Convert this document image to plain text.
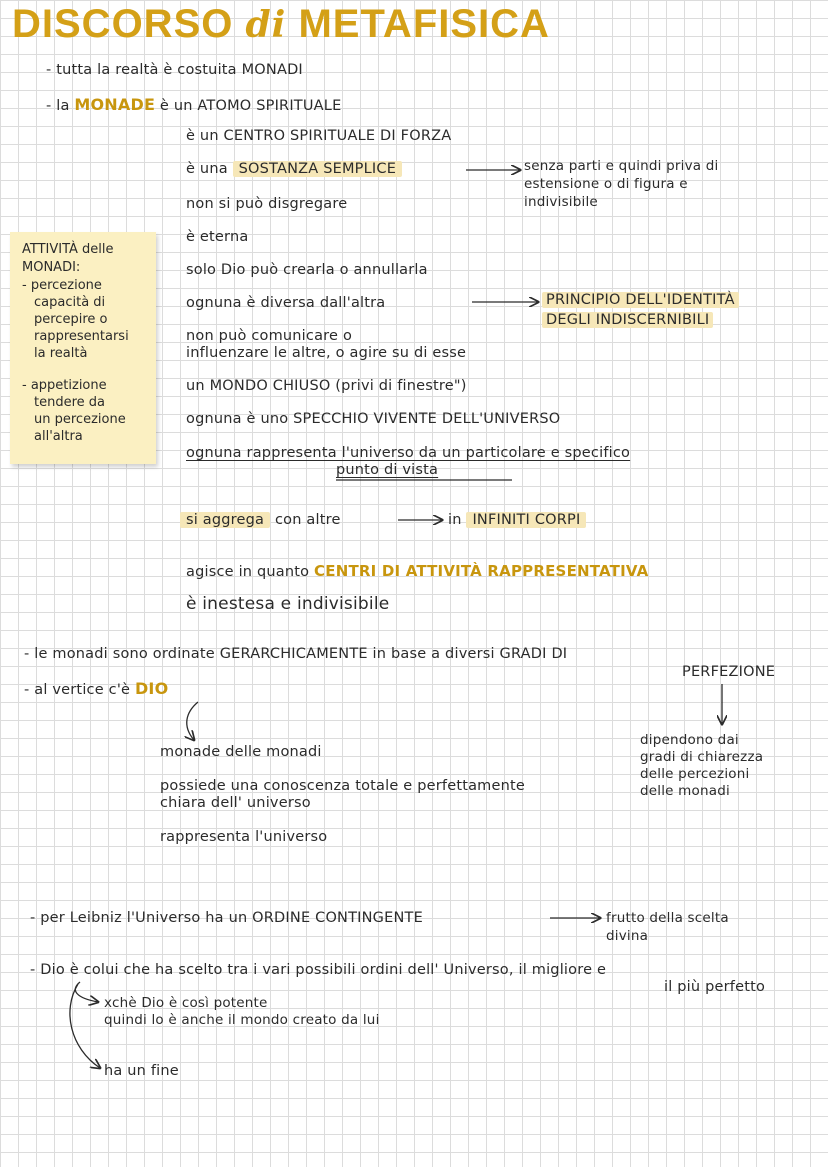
DISCORSO di METAFISICA
ATTIVITÀ delle
MONADI:
- percezione
capacità di
percepire o
rappresentarsi
la realtà
- appetizione
tendere da
un percezione
all'altra
- tutta la realtà è costuita MONADI
- la MONADE è un ATOMO SPIRITUALE
è un CENTRO SPIRITUALE DI FORZA
è una SOSTANZA SEMPLICE	senza parti e quindi priva di
estensione o di figura e
indivisibile
non si può disgregare
è eterna
solo Dio può crearla o annullarla
ognuna è diversa dall'altra	PRINCIPIO DELL'IDENTITÀ
DEGLI INDISCERNIBILI
non può comunicare o
influenzare le altre, o agire su di esse
un MONDO CHIUSO (privi di finestre")
ognuna è uno SPECCHIO VIVENTE DELL'UNIVERSO
ognuna rappresenta l'universo da un particolare e specifico
punto di vista
si aggrega con altre	in INFINITI CORPI
agisce in quanto CENTRI DI ATTIVITÀ RAPPRESENTATIVA
è inestesa e indivisibile
- le monadi sono ordinate GERARCHICAMENTE in base a diversi GRADI DI
PERFEZIONE
- al vertice c'è DIO
monade delle monadi
possiede una conoscenza totale e perfettamente
chiara dell' universo
rappresenta l'universo
dipendono dai
gradi di chiarezza
delle percezioni
delle monadi
- per Leibniz l'Universo ha un ORDINE CONTINGENTE	frutto della scelta
divina
- Dio è colui che ha scelto tra i vari possibili ordini dell' Universo, il migliore e
il più perfetto
xchè Dio è così potente
quindi lo è anche il mondo creato da lui
ha un fine
